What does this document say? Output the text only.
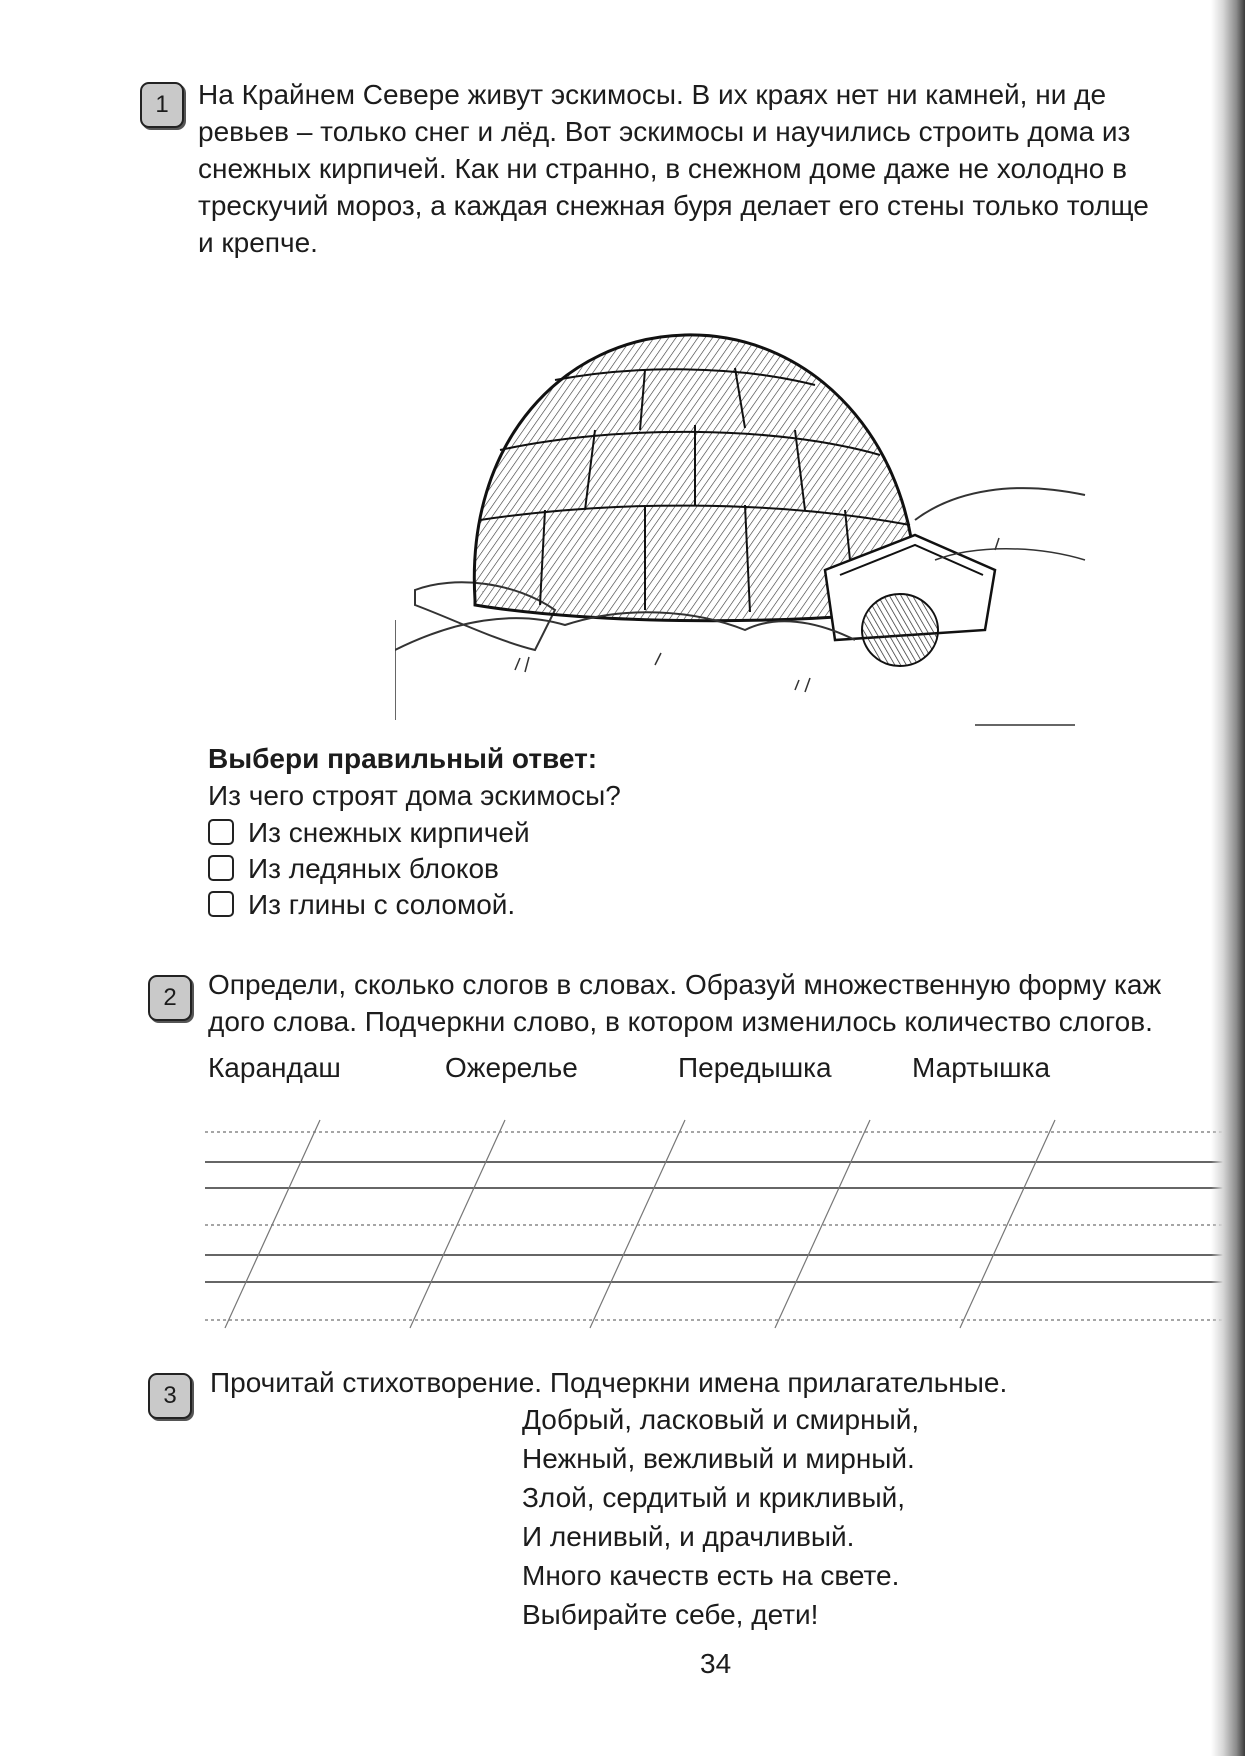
1	На Крайнем Севере живут эскимосы. В их краях нет ни камней, ни де
ревьев – только снег и лёд. Вот эскимосы и научились строить дома из
снежных кирпичей. Как ни странно, в снежном доме даже не холодно в
трескучий мороз, а каждая снежная буря делает его стены только толще
и крепче.
Выбери правильный ответ:
Из чего строят дома эскимосы?
Из снежных кирпичей
Из ледяных блоков
Из глины с соломой.
2	Определи, сколько слогов в словах. Образуй множественную форму каж
дого слова. Подчеркни слово, в котором изменилось количество слогов.
Карандаш	Ожерелье	Передышка	Мартышка
3	Прочитай стихотворение. Подчеркни имена прилагательные.
Добрый, ласковый и смирный,
Нежный, вежливый и мирный.
Злой, сердитый и крикливый,
И ленивый, и драчливый.
Много качеств есть на свете.
Выбирайте себе, дети!
34
